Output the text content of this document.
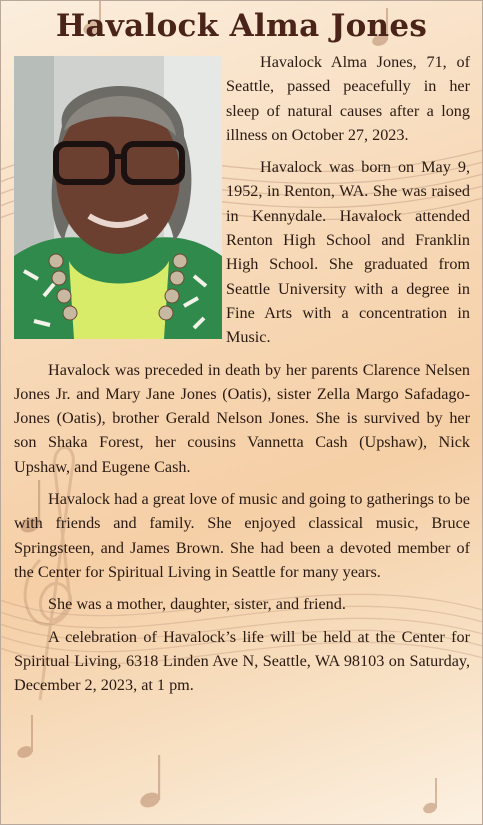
Havalock Alma Jones

Havalock Alma Jones, 71, of Seattle, passed peacefully in her sleep of natural causes after a long illness on October 27, 2023.

Havalock was born on May 9, 1952, in Renton, WA. She was raised in Kennydale. Havalock attended Renton High School and Franklin High School. She graduated from Seattle University with a degree in Fine Arts with a concentration in Music.

Havalock was preceded in death by her parents Clarence Nelsen Jones Jr. and Mary Jane Jones (Oatis), sister Zella Margo Safadago-Jones (Oatis), brother Gerald Nelson Jones. She is survived by her son Shaka Forest, her cousins Vannetta Cash (Upshaw), Nick Upshaw, and Eugene Cash.

Havalock had a great love of music and going to gatherings to be with friends and family. She enjoyed classical music, Bruce Springsteen, and James Brown. She had been a devoted member of the Center for Spiritual Living in Seattle for many years.

She was a mother, daughter, sister, and friend.

A celebration of Havalock’s life will be held at the Center for Spiritual Living, 6318 Linden Ave N, Seattle, WA 98103 on Saturday, December 2, 2023, at 1 pm.
